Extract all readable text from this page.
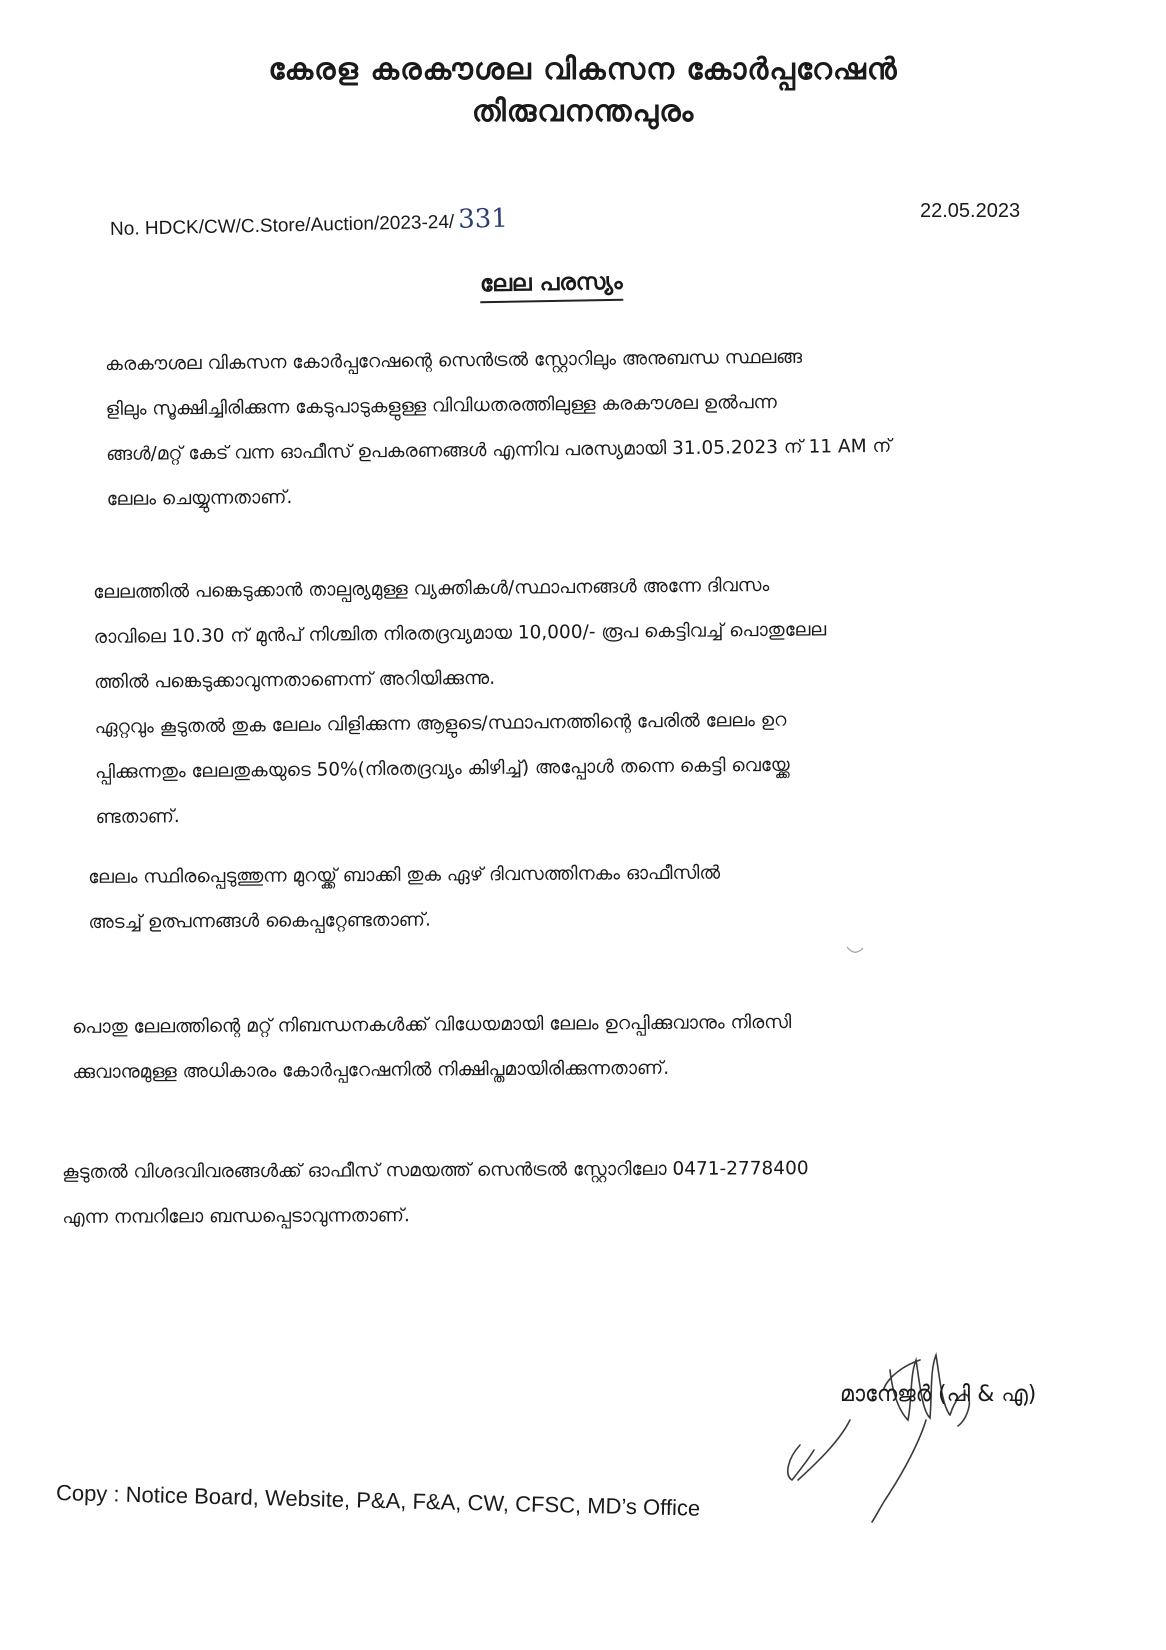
കേരള കരകൗശല വികസന കോർപ്പറേഷൻ
തിരുവനന്തപുരം
No. HDCK/CW/C.Store/Auction/2023-24/ 331	22.05.2023
ലേല പരസ്യം

കരകൗശല വികസന കോർപ്പറേഷന്റെ സെൻട്രൽ സ്റ്റോറിലും അനുബന്ധ സ്ഥലങ്ങ
ളിലും സൂക്ഷിച്ചിരിക്കുന്ന കേടുപാടുകളുള്ള വിവിധതരത്തിലുള്ള കരകൗശല ഉൽപന്ന
ങ്ങൾ/മറ്റ് കേട് വന്ന ഓഫീസ് ഉപകരണങ്ങൾ എന്നിവ പരസ്യമായി 31.05.2023 ന് 11 AM ന്
ലേലം ചെയ്യുന്നതാണ്.

ലേലത്തിൽ പങ്കെടുക്കാൻ താല്പര്യമുള്ള വ്യക്തികൾ/സ്ഥാപനങ്ങൾ അന്നേ ദിവസം
രാവിലെ 10.30 ന് മുൻപ് നിശ്ചിത നിരതദ്രവ്യമായ 10,000/- രൂപ കെട്ടിവച്ച് പൊതുലേല
ത്തിൽ പങ്കെടുക്കാവുന്നതാണെന്ന് അറിയിക്കുന്നു.
ഏറ്റവും കൂടുതൽ തുക ലേലം വിളിക്കുന്ന ആളുടെ/സ്ഥാപനത്തിന്റെ പേരിൽ ലേലം ഉറ
പ്പിക്കുന്നതും ലേലതുകയുടെ 50%(നിരതദ്രവ്യം കിഴിച്ച്) അപ്പോൾ തന്നെ കെട്ടി വെയ്ക്കേ
ണ്ടതാണ്.

ലേലം സ്ഥിരപ്പെടുത്തുന്ന മുറയ്ക്ക് ബാക്കി തുക ഏഴ് ദിവസത്തിനകം ഓഫീസിൽ
അടച്ച് ഉത്പന്നങ്ങൾ കൈപ്പറ്റേണ്ടതാണ്.

പൊതു ലേലത്തിന്റെ മറ്റ് നിബന്ധനകൾക്ക് വിധേയമായി ലേലം ഉറപ്പിക്കുവാനും നിരസി
ക്കുവാനുമുള്ള അധികാരം കോർപ്പറേഷനിൽ നിക്ഷിപ്തമായിരിക്കുന്നതാണ്.

കൂടുതൽ വിശദവിവരങ്ങൾക്ക് ഓഫീസ് സമയത്ത് സെൻട്രൽ സ്റ്റോറിലോ 0471-2778400
എന്ന നമ്പറിലോ ബന്ധപ്പെടാവുന്നതാണ്.

മാനേജർ (പി & എ)
Copy : Notice Board, Website, P&A, F&A, CW, CFSC, MD’s Office
